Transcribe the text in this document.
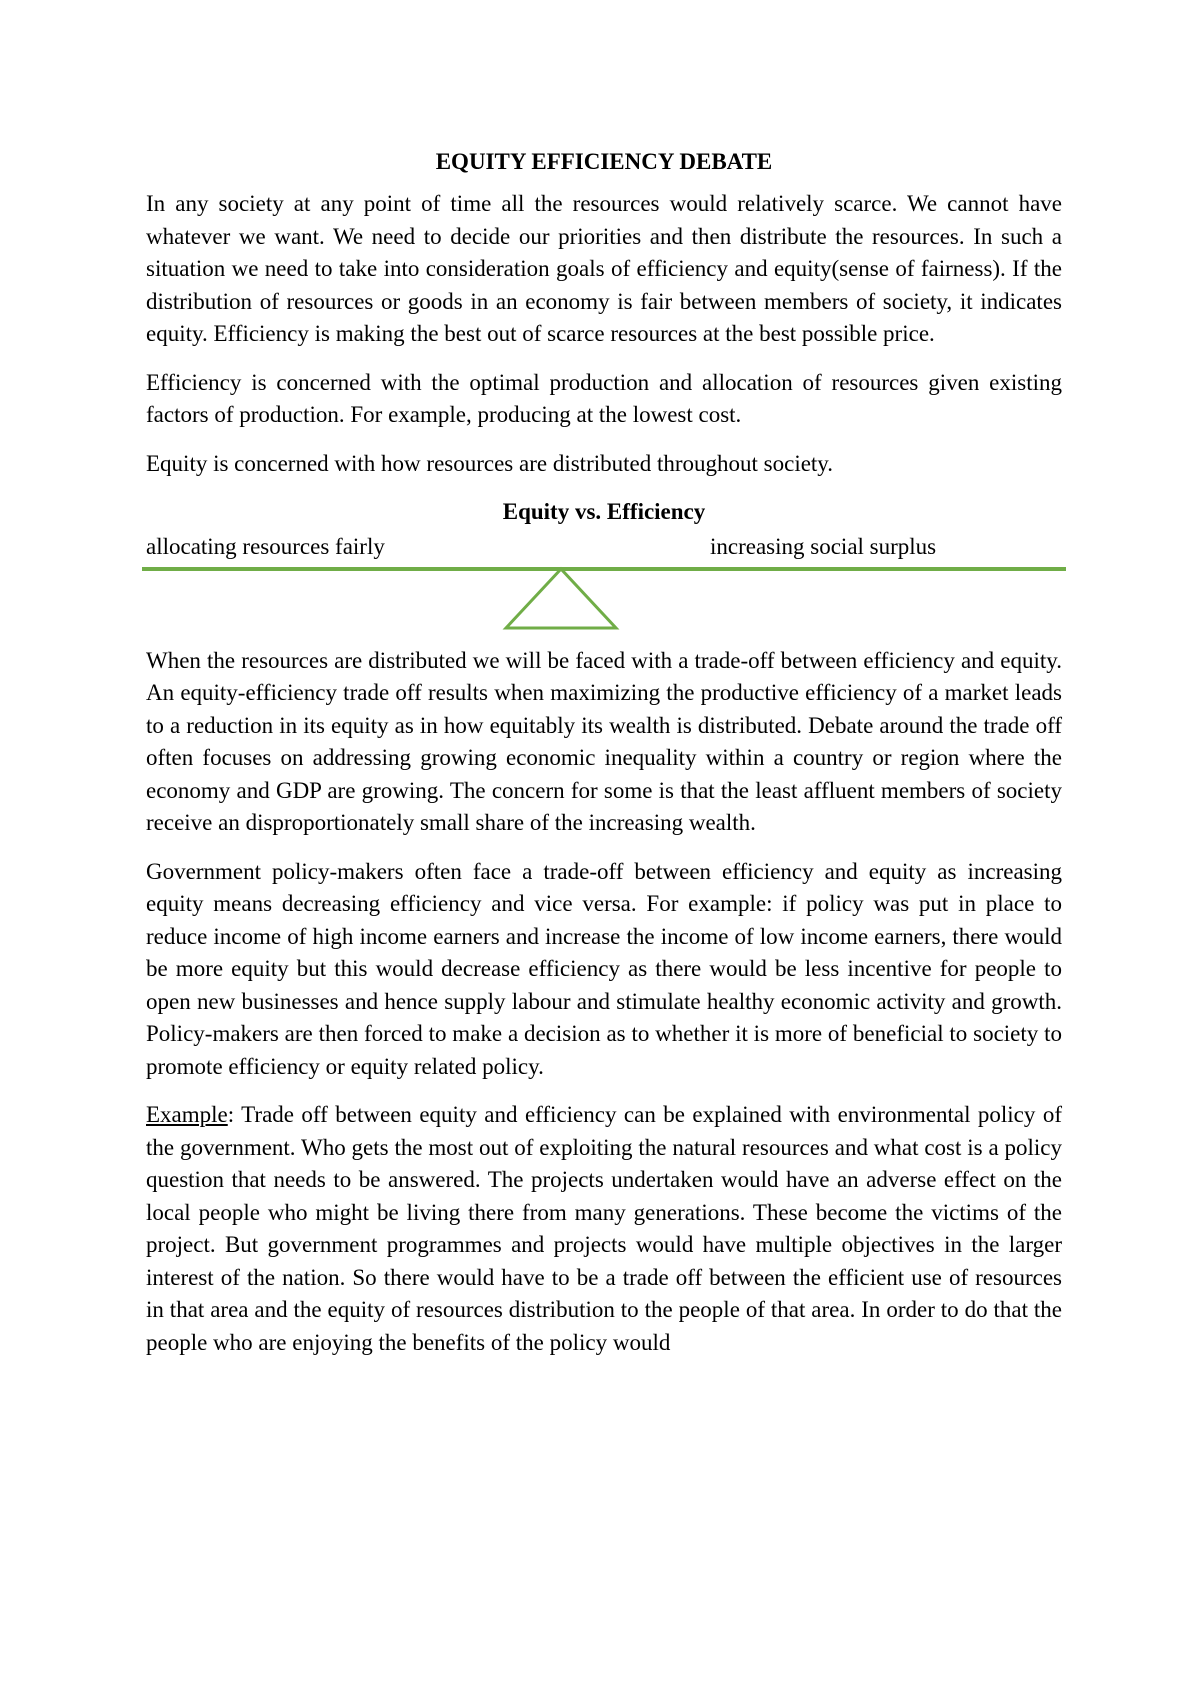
EQUITY EFFICIENCY DEBATE

In any society at any point of time all the resources would relatively scarce. We cannot have whatever we want. We need to decide our priorities and then distribute the resources. In such a situation we need to take into consideration goals of efficiency and equity(sense of fairness). If the distribution of resources or goods in an economy is fair between members of society, it indicates equity. Efficiency is making the best out of scarce resources at the best possible price.

Efficiency is concerned with the optimal production and allocation of resources given existing factors of production. For example, producing at the lowest cost.

Equity is concerned with how resources are distributed throughout society.

Equity vs. Efficiency
allocating resources fairly	increasing social surplus

When the resources are distributed we will be faced with a trade-off between efficiency and equity. An equity-efficiency trade off results when maximizing the productive efficiency of a market leads to a reduction in its equity as in how equitably its wealth is distributed. Debate around the trade off often focuses on addressing growing economic inequality within a country or region where the economy and GDP are growing. The concern for some is that the least affluent members of society receive an disproportionately small share of the increasing wealth.

Government policy-makers often face a trade-off between efficiency and equity as increasing equity means decreasing efficiency and vice versa. For example: if policy was put in place to reduce income of high income earners and increase the income of low income earners, there would be more equity but this would decrease efficiency as there would be less incentive for people to open new businesses and hence supply labour and stimulate healthy economic activity and growth. Policy-makers are then forced to make a decision as to whether it is more of beneficial to society to promote efficiency or equity related policy.

Example: Trade off between equity and efficiency can be explained with environmental policy of the government. Who gets the most out of exploiting the natural resources and what cost is a policy question that needs to be answered. The projects undertaken would have an adverse effect on the local people who might be living there from many generations. These become the victims of the project. But government programmes and projects would have multiple objectives in the larger interest of the nation. So there would have to be a trade off between the efficient use of resources in that area and the equity of resources distribution to the people of that area. In order to do that the people who are enjoying the benefits of the policy would
